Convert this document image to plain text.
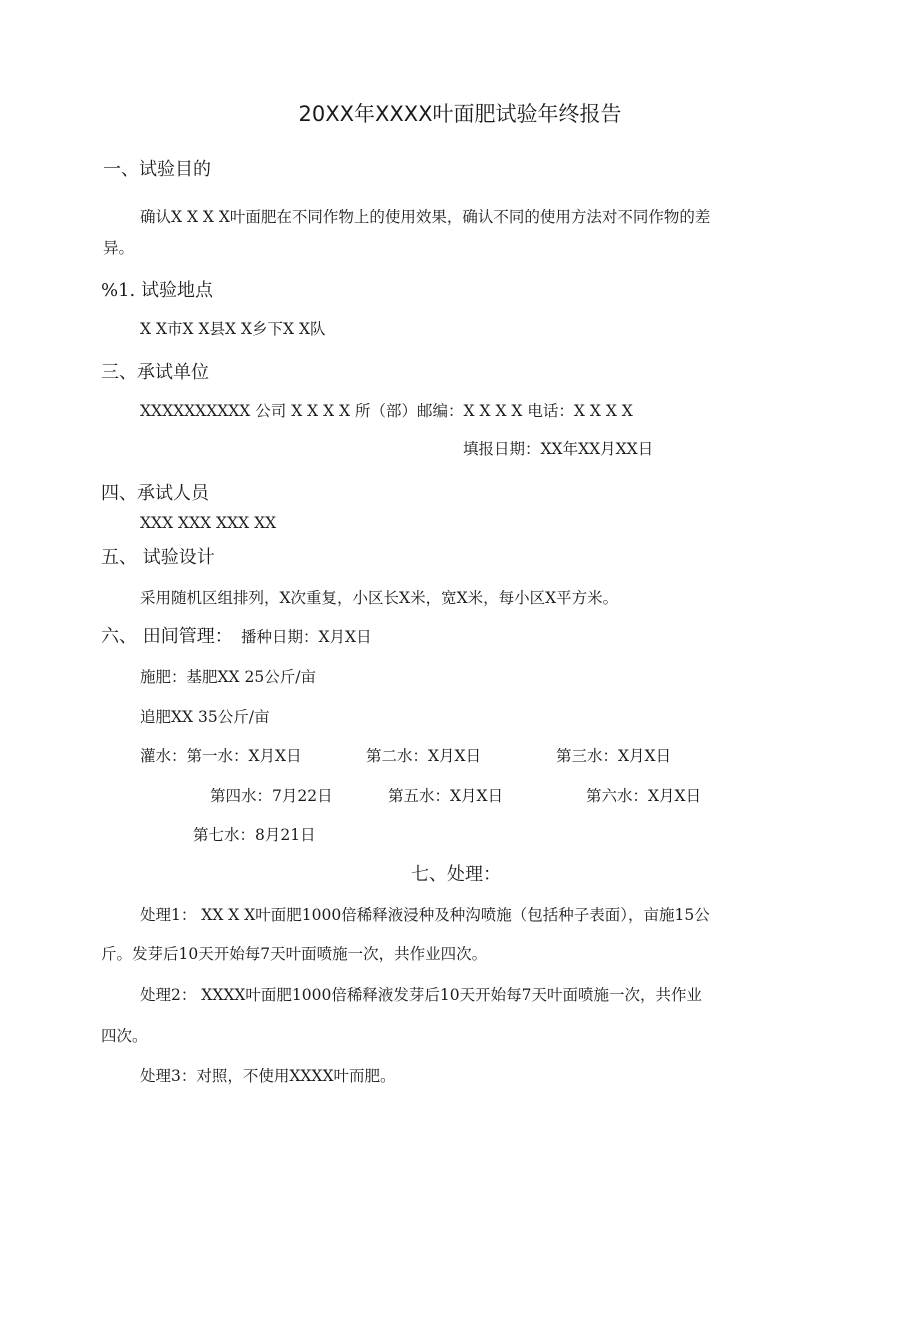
20XX年XXXX叶面肥试验年终报告
一、试验目的
确认X X X X叶面肥在不同作物上的使用效果，确认不同的使用方法对不同作物的差
异。
%1. 试验地点
X X市X X县X X乡下X X队
三、承试单位
XXXXXXXXXX 公司 X X X X 所（部）邮编：X X X X 电话：X X X X
填报日期：XX年XX月XX日
四、承试人员
XXX XXX XXX XX
五、 试验设计
采用随机区组排列，X次重复，小区长X米，宽X米，每小区X平方米。
六、 田间管理： 播种日期：X月X日
施肥：基肥XX 25公斤/亩
追肥XX 35公斤/亩
灌水：第一水：X月X日	第二水：X月X日	第三水：X月X日
第四水：7月22日	第五水：X月X日	第六水：X月X日
第七水：8月21日
七、处理：
处理1： XX X X叶面肥1000倍稀释液浸种及种沟喷施（包括种子表面），亩施15公
斤。发芽后10天开始每7天叶面喷施一次，共作业四次。
处理2： XXXX叶面肥1000倍稀释液发芽后10天开始每7天叶面喷施一次，共作业
四次。
处理3：对照，不使用XXXX叶而肥。
